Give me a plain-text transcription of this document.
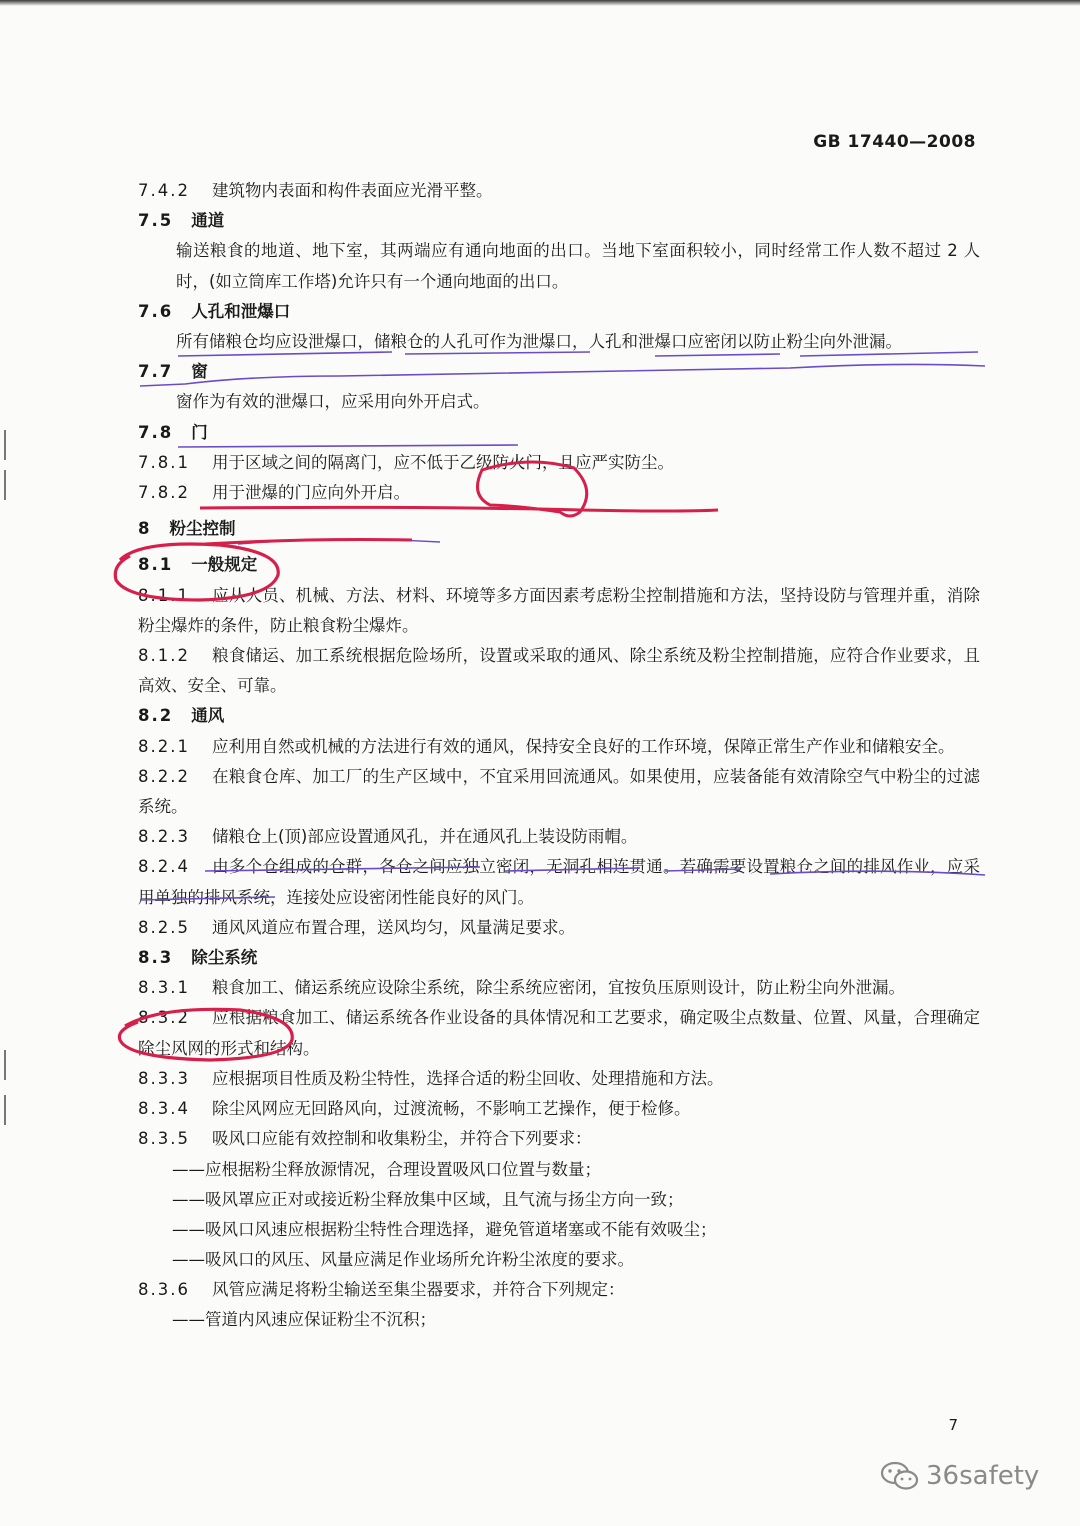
GB 17440—2008
7.4.2 建筑物内表面和构件表面应光滑平整。
7.5 通道
输送粮食的地道、地下室，其两端应有通向地面的出口。当地下室面积较小，同时经常工作人数不超过 2 人时，(如立筒库工作塔)允许只有一个通向地面的出口。
7.6 人孔和泄爆口
所有储粮仓均应设泄爆口，储粮仓的人孔可作为泄爆口，人孔和泄爆口应密闭以防止粉尘向外泄漏。
7.7 窗
窗作为有效的泄爆口，应采用向外开启式。
7.8 门
7.8.1 用于区域之间的隔离门，应不低于乙级防火门，且应严实防尘。
7.8.2 用于泄爆的门应向外开启。
8 粉尘控制
8.1 一般规定
8.1.1 应从人员、机械、方法、材料、环境等多方面因素考虑粉尘控制措施和方法，坚持设防与管理并重，消除粉尘爆炸的条件，防止粮食粉尘爆炸。
8.1.2 粮食储运、加工系统根据危险场所，设置或采取的通风、除尘系统及粉尘控制措施，应符合作业要求，且高效、安全、可靠。
8.2 通风
8.2.1 应利用自然或机械的方法进行有效的通风，保持安全良好的工作环境，保障正常生产作业和储粮安全。
8.2.2 在粮食仓库、加工厂的生产区域中，不宜采用回流通风。如果使用，应装备能有效清除空气中粉尘的过滤系统。
8.2.3 储粮仓上(顶)部应设置通风孔，并在通风孔上装设防雨帽。
8.2.4 由多个仓组成的仓群，各仓之间应独立密闭，无洞孔相连贯通。若确需要设置粮仓之间的排风作业，应采用单独的排风系统，连接处应设密闭性能良好的风门。
8.2.5 通风风道应布置合理，送风均匀，风量满足要求。
8.3 除尘系统
8.3.1 粮食加工、储运系统应设除尘系统，除尘系统应密闭，宜按负压原则设计，防止粉尘向外泄漏。
8.3.2 应根据粮食加工、储运系统各作业设备的具体情况和工艺要求，确定吸尘点数量、位置、风量，合理确定除尘风网的形式和结构。
8.3.3 应根据项目性质及粉尘特性，选择合适的粉尘回收、处理措施和方法。
8.3.4 除尘风网应无回路风向，过渡流畅，不影响工艺操作，便于检修。
8.3.5 吸风口应能有效控制和收集粉尘，并符合下列要求：
——应根据粉尘释放源情况，合理设置吸风口位置与数量；
——吸风罩应正对或接近粉尘释放集中区域，且气流与扬尘方向一致；
——吸风口风速应根据粉尘特性合理选择，避免管道堵塞或不能有效吸尘；
——吸风口的风压、风量应满足作业场所允许粉尘浓度的要求。
8.3.6 风管应满足将粉尘输送至集尘器要求，并符合下列规定：
——管道内风速应保证粉尘不沉积；
7
36safety
